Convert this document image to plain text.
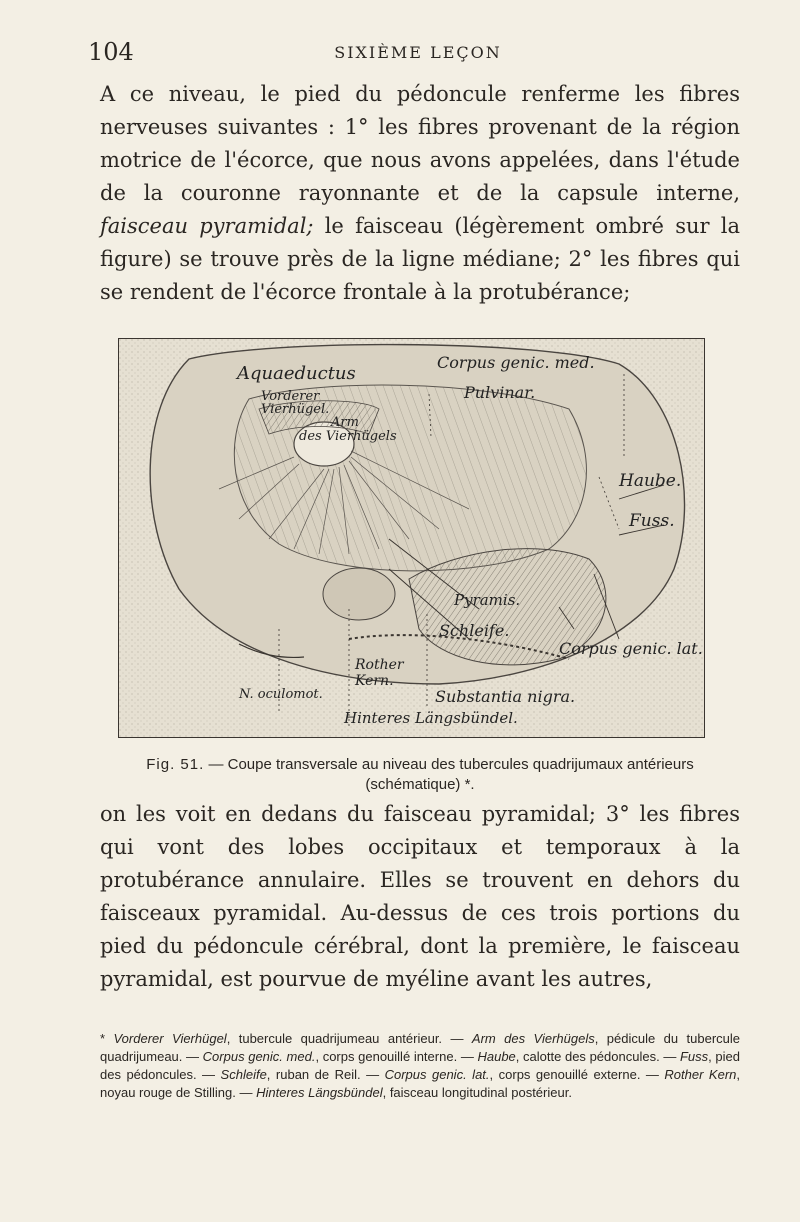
104	SIXIÈME LEÇON
A ce niveau, le pied du pédoncule renferme les fibres nerveuses suivantes : 1° les fibres provenant de la région motrice de l'écorce, que nous avons appelées, dans l'étude de la couronne rayonnante et de la capsule interne, faisceau pyramidal; le faisceau (légèrement ombré sur la figure) se trouve près de la ligne médiane; 2° les fibres qui se rendent de l'écorce frontale à la protubérance;
Aquaeductus
Corpus genic. med.
Vorderer
Vierhügel.
Arm
des Vierhügels
Pulvinar.
Haube.
Fuss.
Pyramis.
Schleife.
Corpus genic. lat.
Rother
Kern.
N. oculomot.	Substantia nigra.
Hinteres Längsbündel.
Fig. 51. — Coupe transversale au niveau des tubercules quadrijumaux antérieurs (schématique) *.
on les voit en dedans du faisceau pyramidal; 3° les fibres qui vont des lobes occipitaux et temporaux à la protubérance annulaire. Elles se trouvent en dehors du faisceaux pyramidal. Au-dessus de ces trois portions du pied du pédoncule cérébral, dont la première, le faisceau pyramidal, est pourvue de myéline avant les autres,
* Vorderer Vierhügel, tubercule quadrijumeau antérieur. — Arm des Vierhügels, pédicule du tubercule quadrijumeau. — Corpus genic. med., corps genouillé interne. — Haube, calotte des pédoncules. — Fuss, pied des pédoncules. — Schleife, ruban de Reil. — Corpus genic. lat., corps genouillé externe. — Rother Kern, noyau rouge de Stilling. — Hinteres Längsbündel, faisceau longitudinal postérieur.
